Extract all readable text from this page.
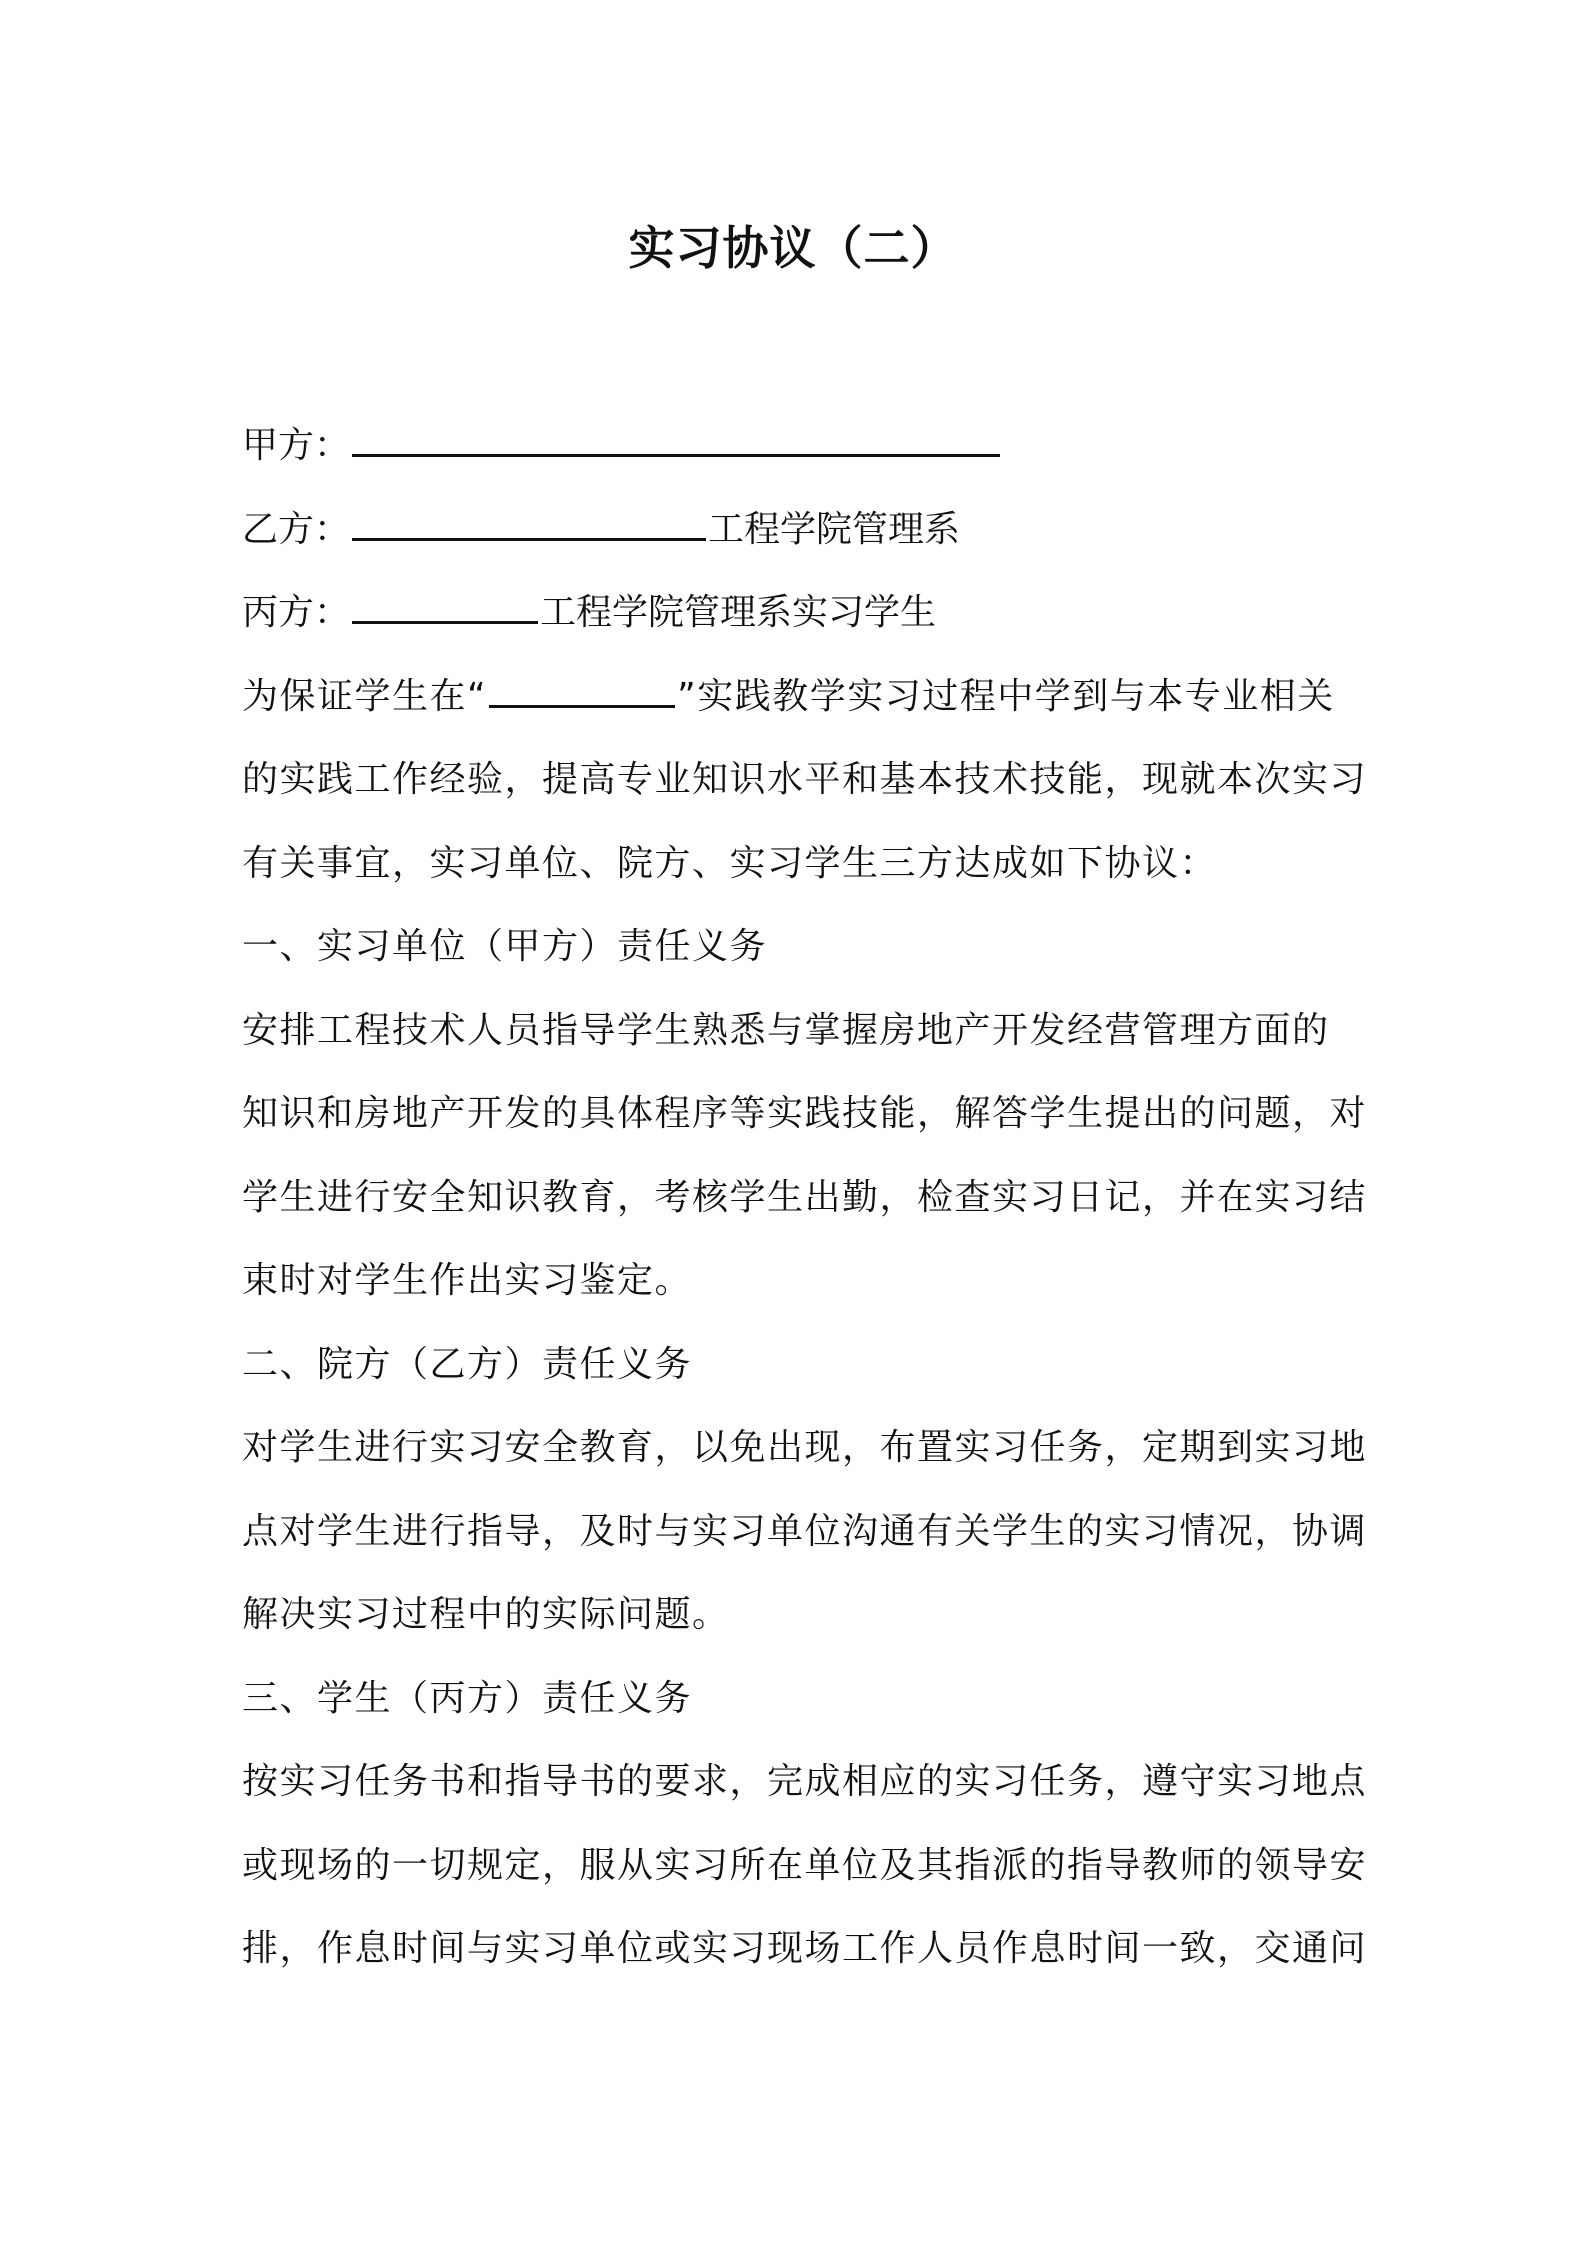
实习协议（二）
甲方：
乙方：	工程学院管理系
丙方：	工程学院管理系实习学生
为保证学生在“	”实践教学实习过程中学到与本专业相关
的实践工作经验，提高专业知识水平和基本技术技能，现就本次实习
有关事宜，实习单位、院方、实习学生三方达成如下协议：
一、实习单位（甲方）责任义务
安排工程技术人员指导学生熟悉与掌握房地产开发经营管理方面的
知识和房地产开发的具体程序等实践技能，解答学生提出的问题，对
学生进行安全知识教育，考核学生出勤，检查实习日记，并在实习结
束时对学生作出实习鉴定。
二、院方（乙方）责任义务
对学生进行实习安全教育，以免出现，布置实习任务，定期到实习地
点对学生进行指导，及时与实习单位沟通有关学生的实习情况，协调
解决实习过程中的实际问题。
三、学生（丙方）责任义务
按实习任务书和指导书的要求，完成相应的实习任务，遵守实习地点
或现场的一切规定，服从实习所在单位及其指派的指导教师的领导安
排，作息时间与实习单位或实习现场工作人员作息时间一致，交通问
